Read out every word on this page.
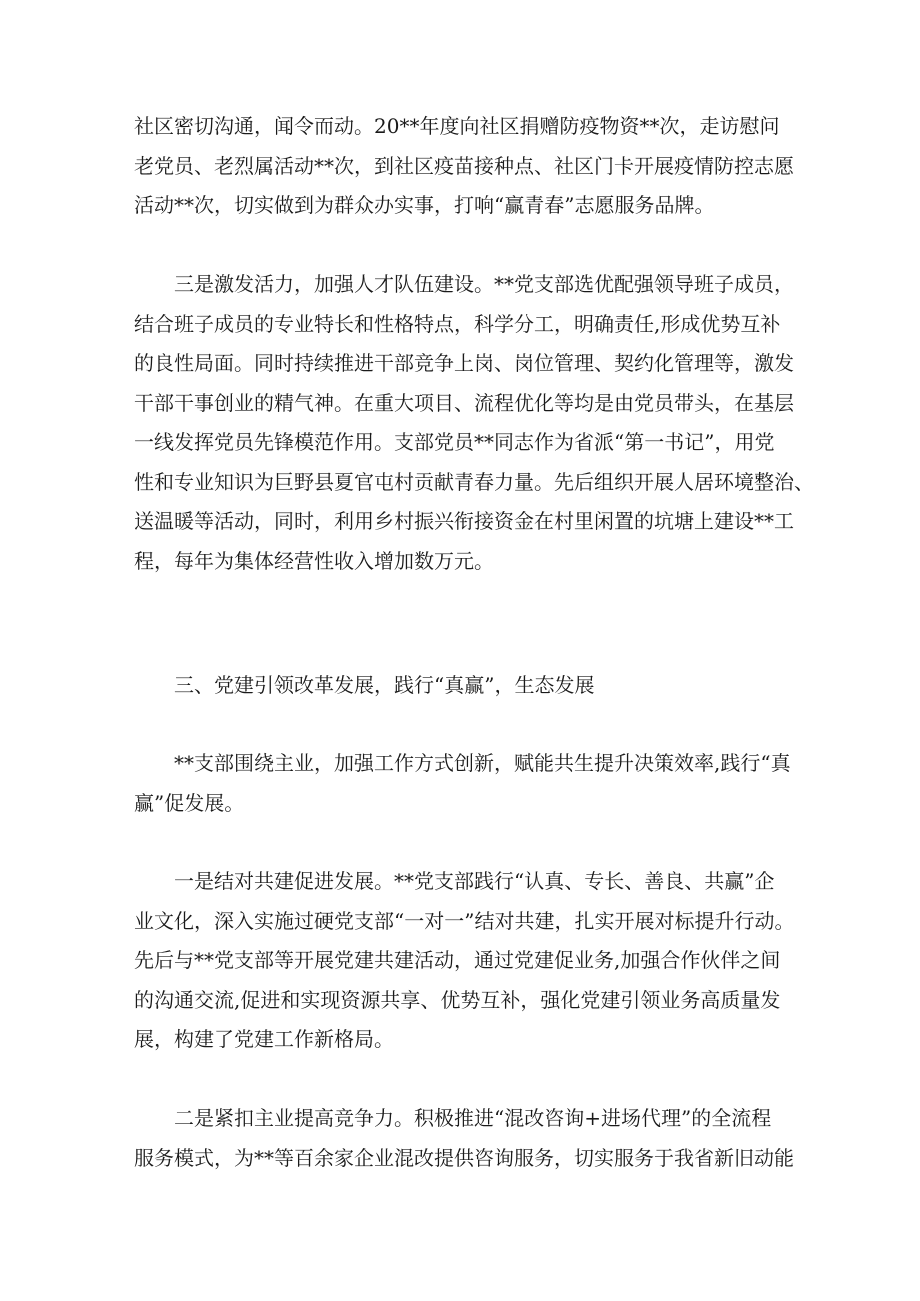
社区密切沟通，闻令而动。20**年度向社区捐赠防疫物资**次，走访慰问
老党员、老烈属活动**次，到社区疫苗接种点、社区门卡开展疫情防控志愿
活动**次，切实做到为群众办实事，打响“赢青春”志愿服务品牌。

三是激发活力，加强人才队伍建设。**党支部选优配强领导班子成员，
结合班子成员的专业特长和性格特点，科学分工，明确责任,形成优势互补
的良性局面。同时持续推进干部竞争上岗、岗位管理、契约化管理等，激发
干部干事创业的精气神。在重大项目、流程优化等均是由党员带头，在基层
一线发挥党员先锋模范作用。支部党员**同志作为省派“第一书记”，用党
性和专业知识为巨野县夏官屯村贡献青春力量。先后组织开展人居环境整治、
送温暖等活动，同时，利用乡村振兴衔接资金在村里闲置的坑塘上建设**工
程，每年为集体经营性收入增加数万元。

三、党建引领改革发展，践行“真赢”，生态发展

**支部围绕主业，加强工作方式创新，赋能共生提升决策效率,践行“真
赢”促发展。

一是结对共建促进发展。**党支部践行“认真、专长、善良、共赢”企
业文化，深入实施过硬党支部“一对一”结对共建，扎实开展对标提升行动。
先后与**党支部等开展党建共建活动，通过党建促业务,加强合作伙伴之间
的沟通交流,促进和实现资源共享、优势互补，强化党建引领业务高质量发
展，构建了党建工作新格局。

二是紧扣主业提高竞争力。积极推进“混改咨询+进场代理”的全流程
服务模式，为**等百余家企业混改提供咨询服务，切实服务于我省新旧动能
